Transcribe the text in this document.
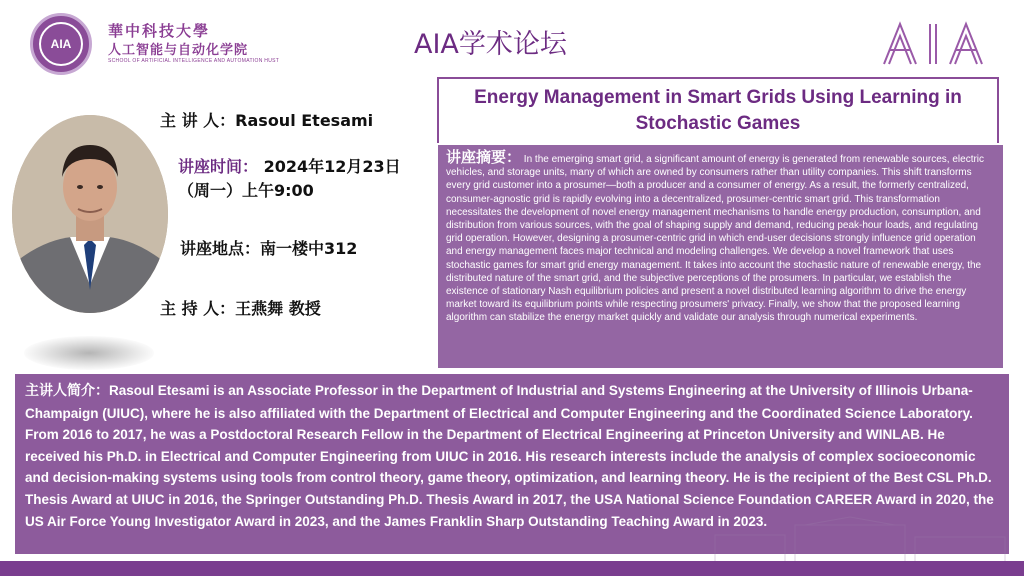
AIA
華中科技大學
人工智能与自动化学院
SCHOOL OF ARTIFICIAL INTELLIGENCE AND AUTOMATION HUST
AIA学术论坛
AIA
主 讲 人：Rasoul Etesami
讲座时间： 2024年12月23日（周一）上午9:00
讲座地点：南一楼中312
主 持 人：王燕舞 教授
Energy Management in Smart Grids Using Learning in Stochastic Games
讲座摘要： In the emerging smart grid, a significant amount of energy is generated from renewable sources, electric vehicles, and storage units, many of which are owned by consumers rather than utility companies. This shift transforms every grid customer into a prosumer—both a producer and a consumer of energy. As a result, the formerly centralized, consumer-agnostic grid is rapidly evolving into a decentralized, prosumer-centric smart grid. This transformation necessitates the development of novel energy management mechanisms to handle energy production, consumption, and distribution from various sources, with the goal of shaping supply and demand, reducing peak-hour loads, and regulating grid operation. However, designing a prosumer-centric grid in which end-user decisions strongly influence grid operation and energy management faces major technical and modeling challenges. We develop a novel framework that uses stochastic games for smart grid energy management. It takes into account the stochastic nature of renewable energy, the distributed nature of the smart grid, and the subjective perceptions of the prosumers. In particular, we establish the existence of stationary Nash equilibrium policies and present a novel distributed learning algorithm to drive the energy market toward its equilibrium points while respecting prosumers' privacy. Finally, we show that the proposed learning algorithm can stabilize the energy market quickly and validate our analysis through numerical experiments.
主讲人简介：Rasoul Etesami is an Associate Professor in the Department of Industrial and Systems Engineering at the University of Illinois Urbana-Champaign (UIUC), where he is also affiliated with the Department of Electrical and Computer Engineering and the Coordinated Science Laboratory. From 2016 to 2017, he was a Postdoctoral Research Fellow in the Department of Electrical Engineering at Princeton University and WINLAB. He received his Ph.D. in Electrical and Computer Engineering from UIUC in 2016. His research interests include the analysis of complex socioeconomic and decision-making systems using tools from control theory, game theory, optimization, and learning theory. He is the recipient of the Best CSL Ph.D. Thesis Award at UIUC in 2016, the Springer Outstanding Ph.D. Thesis Award in 2017, the USA National Science Foundation CAREER Award in 2020, the US Air Force Young Investigator Award in 2023, and the James Franklin Sharp Outstanding Teaching Award in 2023.
